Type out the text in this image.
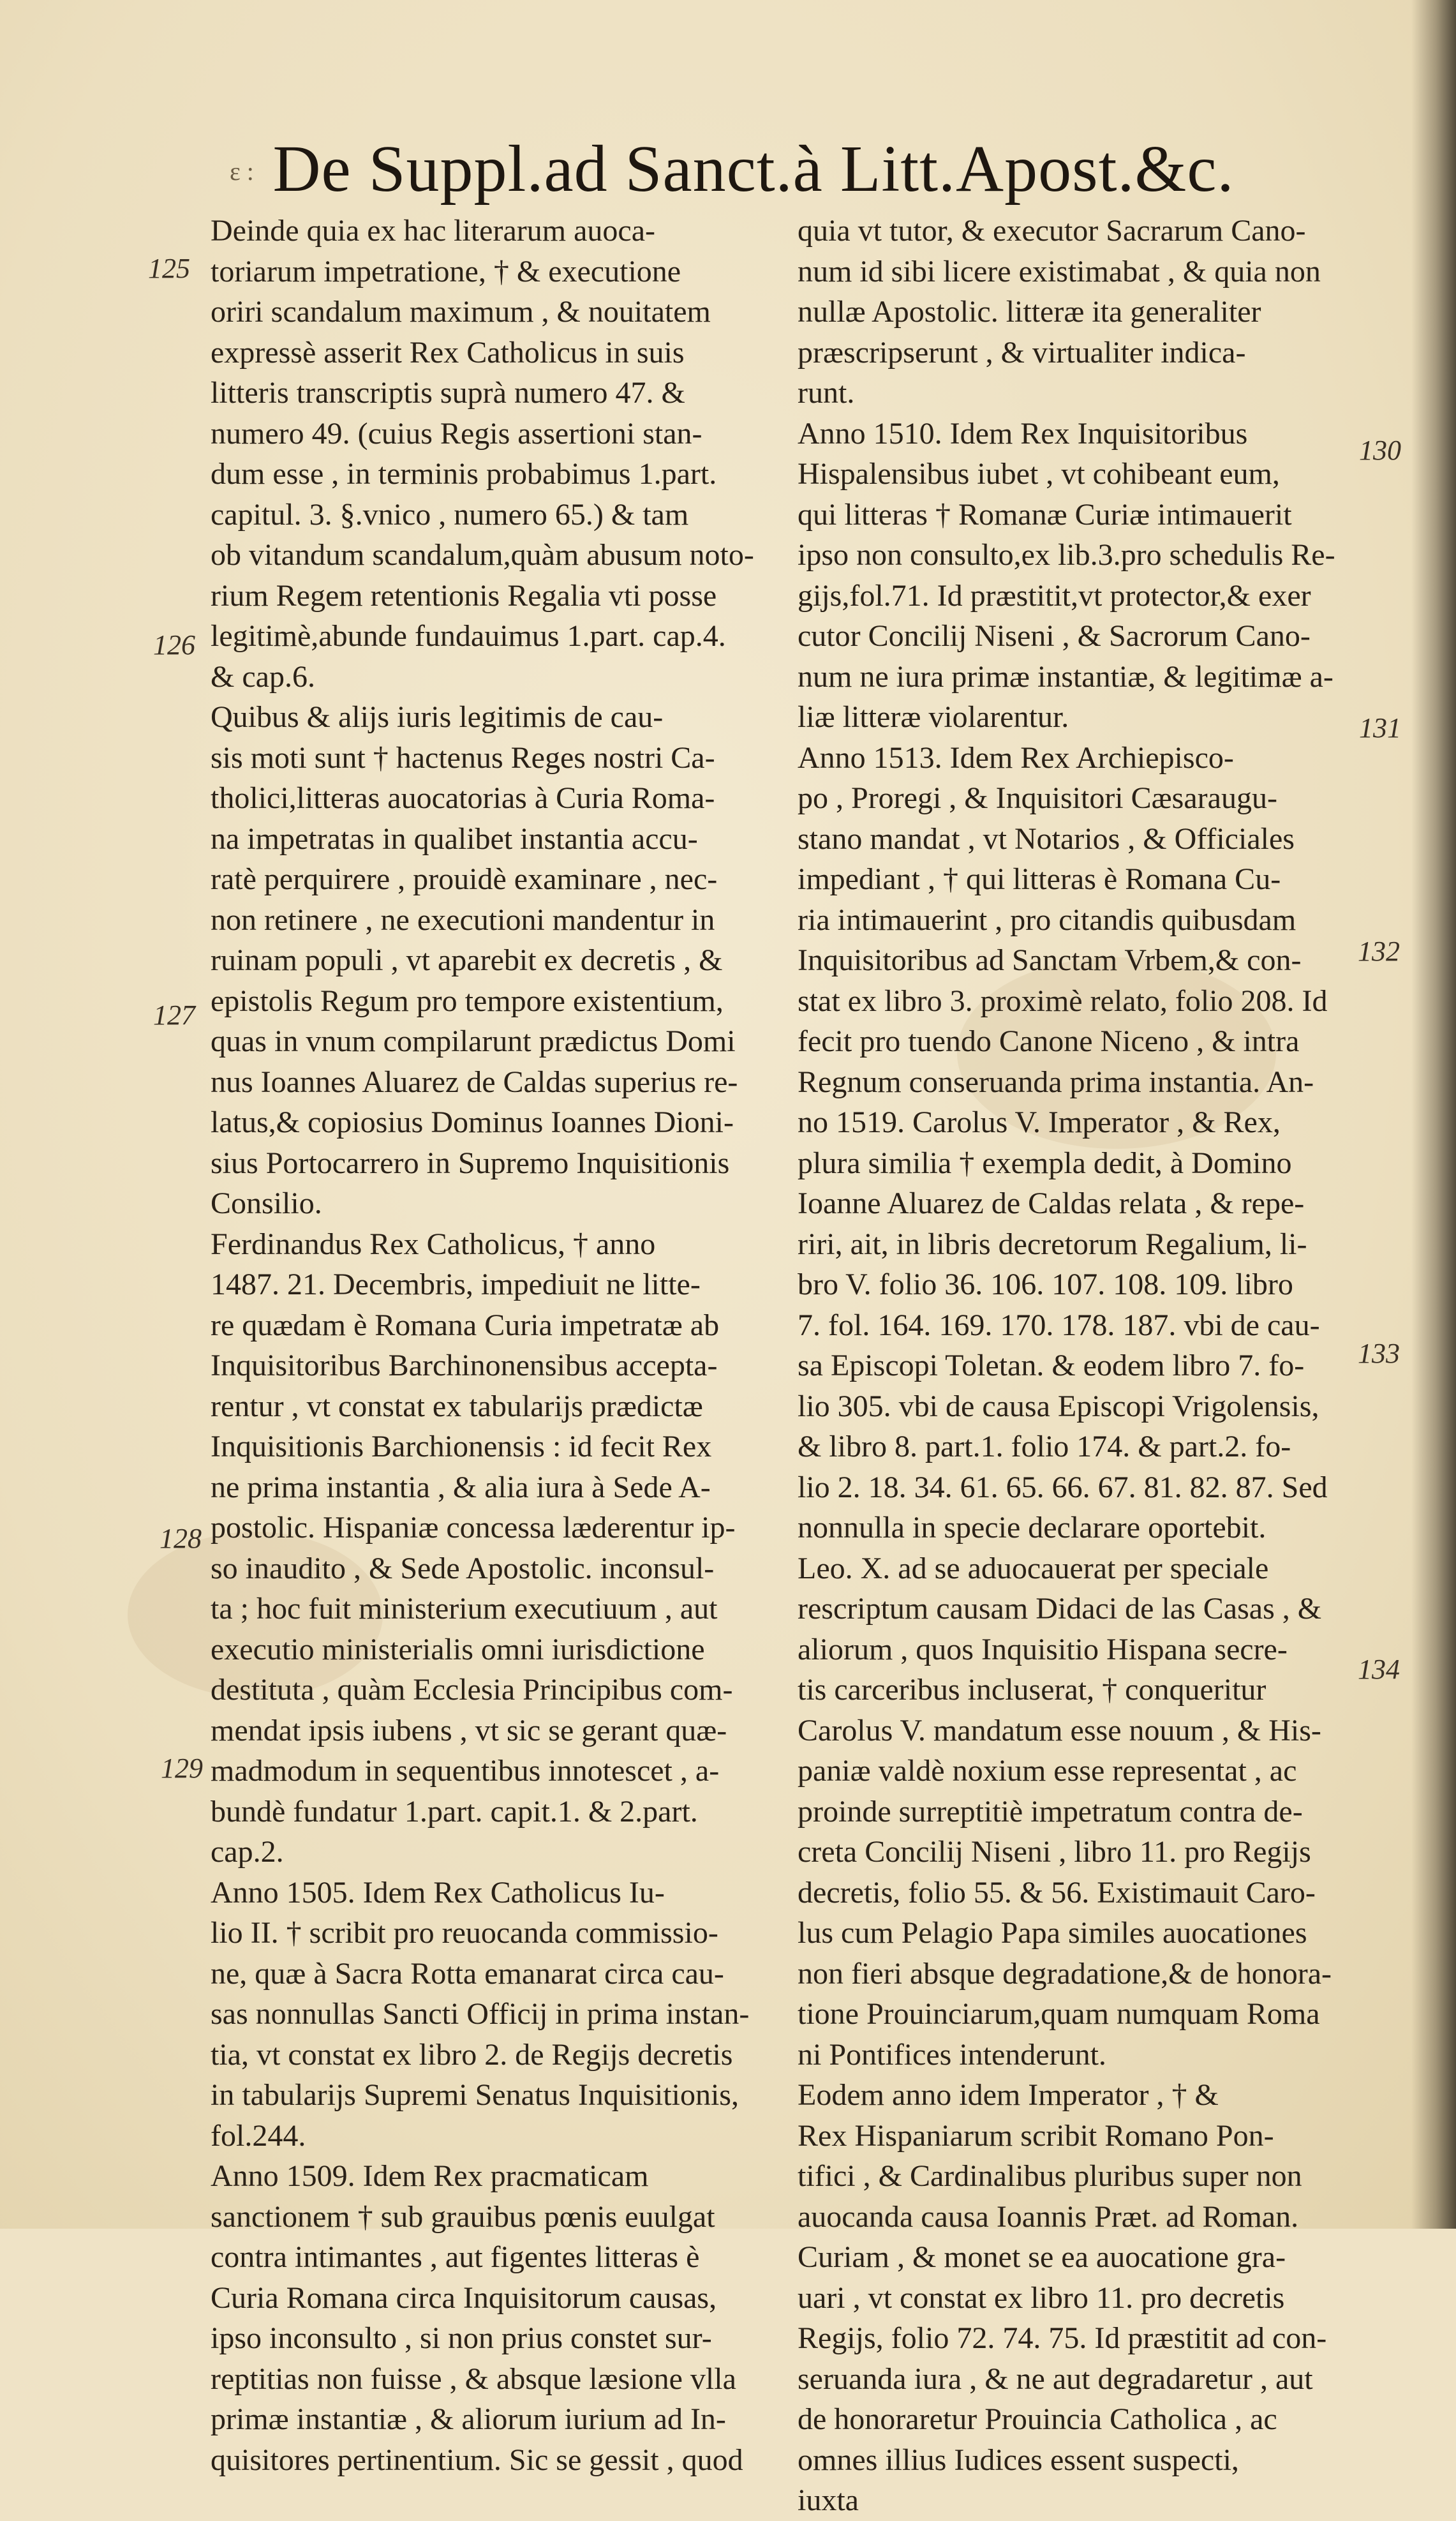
ε : De Suppl.ad Sanct.à Litt.Apost.&c.
125
126
127
128
129
130
131
132
133
134
Deinde quia ex hac literarum auoca-
toriarum impetratione, † & executione
oriri scandalum maximum , & nouitatem
expressè asserit Rex Catholicus in suis
litteris transcriptis suprà numero 47. &
numero 49. (cuius Regis assertioni stan-
dum esse , in terminis probabimus 1.part.
capitul. 3. §.vnico , numero 65.) & tam
ob vitandum scandalum,quàm abusum noto-
rium Regem retentionis Regalia vti posse
legitimè,abunde fundauimus 1.part. cap.4.
& cap.6.
Quibus & alijs iuris legitimis de cau-
sis moti sunt † hactenus Reges nostri Ca-
tholici,litteras auocatorias à Curia Roma-
na impetratas in qualibet instantia accu-
ratè perquirere , prouidè examinare , nec-
non retinere , ne executioni mandentur in
ruinam populi , vt aparebit ex decretis , &
epistolis Regum pro tempore existentium,
quas in vnum compilarunt prædictus Domi
nus Ioannes Aluarez de Caldas superius re-
latus,& copiosius Dominus Ioannes Dioni-
sius Portocarrero in Supremo Inquisitionis
Consilio.
Ferdinandus Rex Catholicus, † anno
1487. 21. Decembris, impediuit ne litte-
re quædam è Romana Curia impetratæ ab
Inquisitoribus Barchinonensibus accepta-
rentur , vt constat ex tabularijs prædictæ
Inquisitionis Barchionensis : id fecit Rex
ne prima instantia , & alia iura à Sede A-
postolic. Hispaniæ concessa læderentur ip-
so inaudito , & Sede Apostolic. inconsul-
ta ; hoc fuit ministerium executiuum , aut
executio ministerialis omni iurisdictione
destituta , quàm Ecclesia Principibus com-
mendat ipsis iubens , vt sic se gerant quæ-
madmodum in sequentibus innotescet , a-
bundè fundatur 1.part. capit.1. & 2.part.
cap.2.
Anno 1505. Idem Rex Catholicus Iu-
lio II. † scribit pro reuocanda commissio-
ne, quæ à Sacra Rotta emanarat circa cau-
sas nonnullas Sancti Officij in prima instan-
tia, vt constat ex libro 2. de Regijs decretis
in tabularijs Supremi Senatus Inquisitionis,
fol.244.
Anno 1509. Idem Rex pracmaticam
sanctionem † sub grauibus pœnis euulgat
contra intimantes , aut figentes litteras è
Curia Romana circa Inquisitorum causas,
ipso inconsulto , si non prius constet sur-
reptitias non fuisse , & absque læsione vlla
primæ instantiæ , & aliorum iurium ad In-
quisitores pertinentium. Sic se gessit , quod
quia vt tutor, & executor Sacrarum Cano-
num id sibi licere existimabat , & quia non
nullæ Apostolic. litteræ ita generaliter
præscripserunt , & virtualiter indica-
runt.
Anno 1510. Idem Rex Inquisitoribus
Hispalensibus iubet , vt cohibeant eum,
qui litteras † Romanæ Curiæ intimauerit
ipso non consulto,ex lib.3.pro schedulis Re-
gijs,fol.71. Id præstitit,vt protector,& exer
cutor Concilij Niseni , & Sacrorum Cano-
num ne iura primæ instantiæ, & legitimæ a-
liæ litteræ violarentur.
Anno 1513. Idem Rex Archiepisco-
po , Proregi , & Inquisitori Cæsaraugu-
stano mandat , vt Notarios , & Officiales
impediant , † qui litteras è Romana Cu-
ria intimauerint , pro citandis quibusdam
Inquisitoribus ad Sanctam Vrbem,& con-
stat ex libro 3. proximè relato, folio 208. Id
fecit pro tuendo Canone Niceno , & intra
Regnum conseruanda prima instantia. An-
no 1519. Carolus V. Imperator , & Rex,
plura similia † exempla dedit, à Domino
Ioanne Aluarez de Caldas relata , & repe-
riri, ait, in libris decretorum Regalium, li-
bro V. folio 36. 106. 107. 108. 109. libro
7. fol. 164. 169. 170. 178. 187. vbi de cau-
sa Episcopi Toletan. & eodem libro 7. fo-
lio 305. vbi de causa Episcopi Vrigolensis,
& libro 8. part.1. folio 174. & part.2. fo-
lio 2. 18. 34. 61. 65. 66. 67. 81. 82. 87. Sed
nonnulla in specie declarare oportebit.
Leo. X. ad se aduocauerat per speciale
rescriptum causam Didaci de las Casas , &
aliorum , quos Inquisitio Hispana secre-
tis carceribus incluserat, † conqueritur
Carolus V. mandatum esse nouum , & His-
paniæ valdè noxium esse representat , ac
proinde surreptitiè impetratum contra de-
creta Concilij Niseni , libro 11. pro Regijs
decretis, folio 55. & 56. Existimauit Caro-
lus cum Pelagio Papa similes auocationes
non fieri absque degradatione,& de honora-
tione Prouinciarum,quam numquam Roma
ni Pontifices intenderunt.
Eodem anno idem Imperator , † &
Rex Hispaniarum scribit Romano Pon-
tifici , & Cardinalibus pluribus super non
auocanda causa Ioannis Præt. ad Roman.
Curiam , & monet se ea auocatione gra-
uari , vt constat ex libro 11. pro decretis
Regijs, folio 72. 74. 75. Id præstitit ad con-
seruanda iura , & ne aut degradaretur , aut
de honoraretur Prouincia Catholica , ac
omnes illius Iudices essent suspecti,
iuxta
